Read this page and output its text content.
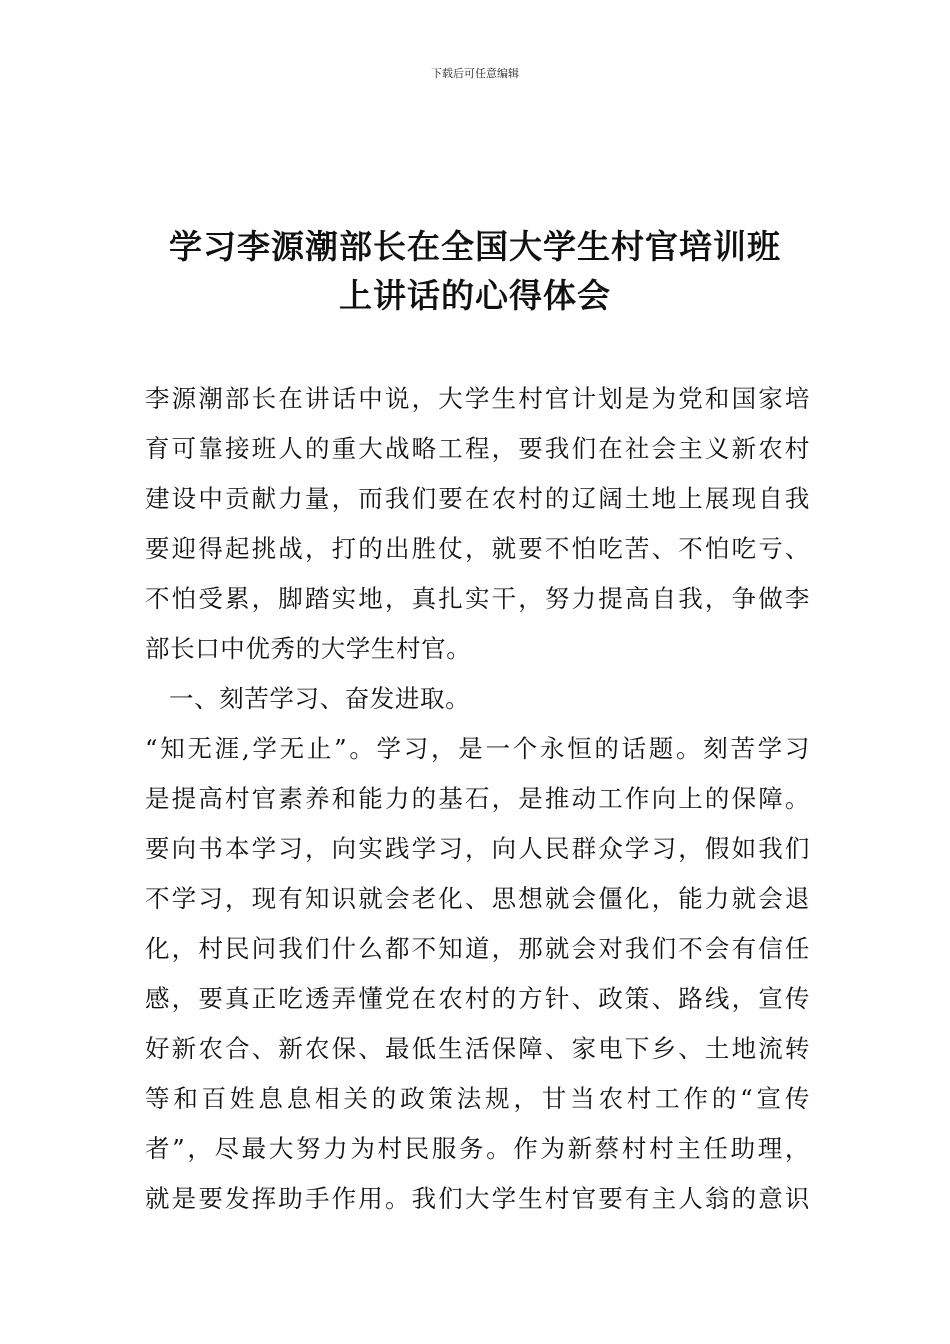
下载后可任意编辑
学习李源潮部长在全国大学生村官培训班
上讲话的心得体会
李源潮部长在讲话中说，大学生村官计划是为党和国家培
育可靠接班人的重大战略工程，要我们在社会主义新农村
建设中贡献力量，而我们要在农村的辽阔土地上展现自我
要迎得起挑战，打的出胜仗，就要不怕吃苦、不怕吃亏、
不怕受累，脚踏实地，真扎实干，努力提高自我，争做李
部长口中优秀的大学生村官。
一、刻苦学习、奋发进取。
“知无涯,学无止”。学习，是一个永恒的话题。刻苦学习
是提高村官素养和能力的基石，是推动工作向上的保障。
要向书本学习，向实践学习，向人民群众学习，假如我们
不学习，现有知识就会老化、思想就会僵化，能力就会退
化，村民问我们什么都不知道，那就会对我们不会有信任
感，要真正吃透弄懂党在农村的方针、政策、路线，宣传
好新农合、新农保、最低生活保障、家电下乡、土地流转
等和百姓息息相关的政策法规，甘当农村工作的“宣传
者”，尽最大努力为村民服务。作为新蔡村村主任助理，
就是要发挥助手作用。我们大学生村官要有主人翁的意识
